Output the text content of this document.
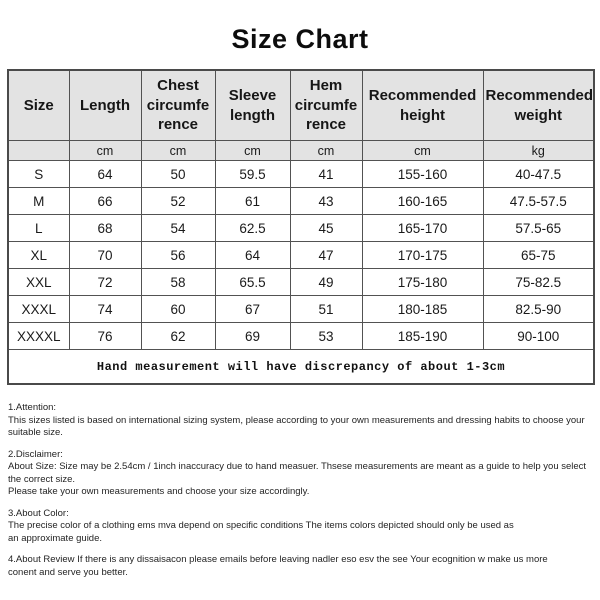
Size Chart
Size	Length	Chest circumfe rence	Sleeve length	Hem circumfe rence	Recommended height	Recommended weight
	cm	cm	cm	cm	cm	kg
S	64	50	59.5	41	155-160	40-47.5
M	66	52	61	43	160-165	47.5-57.5
L	68	54	62.5	45	165-170	57.5-65
XL	70	56	64	47	170-175	65-75
XXL	72	58	65.5	49	175-180	75-82.5
XXXL	74	60	67	51	180-185	82.5-90
XXXXL	76	62	69	53	185-190	90-100
Hand measurement will have discrepancy of about 1-3cm						
1.Attention:
This sizes listed is based on international sizing system, please according to your own measurements and dressing habits to choose your suitable size.
2.Disclaimer:
About Size: Size may be 2.54cm / 1inch inaccuracy due to hand measuer. Thsese measurements are meant as a guide to help you select the correct size.
Please take your own measurements and choose your size accordingly.
3.About Color:
The precise color of a clothing ems mva depend on specific conditions The items colors depicted should only be used as
an approximate guide.
4.About Review If there is any dissaisacon please emails before leaving nadler eso esv the see Your ecognition w make us more
conent and serve you better.
